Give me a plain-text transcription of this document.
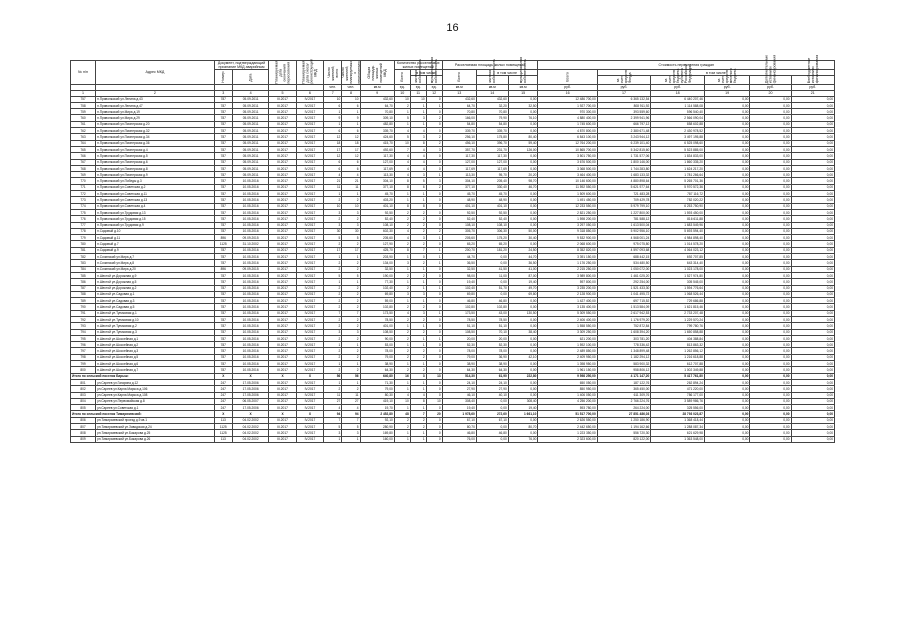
16
№ п/п	Адрес МКД	Документ, подтверждающий признание МКД аварийным		Планируемая дата окончания переселения	Планируемая дата сноса/реконструкции МКД	Число жителей, всего	Число жителей, планируемых к переселению	Общая площадь жилых помещений МКД	Количество расселяемых жилых помещений			Расселяемая площадь жилых помещений			Стоимость переселения граждан					
		Номер	Дата						Всего	в том числе		Всего	в том числе		Всего	в том числе				
										частная собственность	муниципальная собственность		частная собственность	муниципальная собственность		за счет средств Фонда	за счет средств бюджета субъекта Российской Федерации	за счет средств местного бюджета	Дополнительные источники финансирования	Внебюджетные источники финансирования
						чел.	чел.	кв.м	ед.	ед.	ед.	кв.м	кв.м	кв.м	руб.	руб.	руб.	руб.	руб.	руб.
1	2	3	4	5	6	7	8	9	10	11	12	13	14	15	16	17	18	19	20	21
757	п.Приволжский ул.Ленина д.43	787	05.09.2011	III.2017	IV.2017	10	10	432,60	10	10	0	432,60	432,60	0,00	12 486 700,00	6 365 132,54	6 440 207,46	0,00	0,00	0,00
758	п.Приволжский ул.Ленина д.47	787	05.09.2011	III.2017	IV.2017	6	6	64,70	2	1	1	64,70	32,20	32,50	1 927 700,00	808 911,92	1 114 588,08	0,00	0,00	0,00
759	п.Приволжский ул.Мира д.19	787	05.09.2011	III.2017	IV.2017	1	1	70,80	1	1	0	70,80	70,80	0,00	970 300,00	393 559,60	596 540,40	0,00	0,00	0,00
760	п.Приволжский ул.Мира д.29	787	05.09.2011	III.2017	IV.2017	9	9	309,10	5	3	2	166,00	79,90	76,10	4 880 400,00	2 399 941,96	2 566 090,04	0,00	0,00	0,00
761	п.Приволжский ул.Пионерская д.20	787	05.09.2011	III.2017	IV.2017	1	1	482,80	1	1	0	54,80	54,80	0,00	1 745 600,00	666 797,12	858 602,88	0,00	0,00	0,00
762	п.Приволжский ул.Пионерская д.32	787	05.09.2011	III.2017	IV.2017	6	6	339,70	4	4	0	339,70	339,70	0,00	4 870 800,00	2 380 671,48	2 430 978,52	0,00	0,00	0,00
763	п.Приволжский ул.Пионерская д.34	787	05.09.2011	III.2017	IV.2017	12	12	424,60	5	3	2	256,10	175,80	80,40	6 843 100,00	3 243 944,12	3 497 195,88	0,00	0,00	0,00
764	п.Приволжский ул.Пионерская д.36	787	05.09.2011	III.2017	IV.2017	18	18	415,70	10	8	2	456,10	396,70	59,40	12 764 200,00	6 239 101,40	6 525 098,60	0,00	0,00	0,00
765	п.Приволжский ул.Пионерская д.4	787	05.09.2011	III.2017	IV.2017	17	17	492,60	7	4	3	357,70	231,70	126,00	10 865 700,00	5 342 815,60	5 523 885,00	0,00	0,00	0,00
766	п.Приволжский ул.Пионерская д.5	787	05.09.2011	III.2017	IV.2017	12	12	117,30	4	4	0	117,30	117,30	0,00	3 501 750,00	1 731 577,06	1 834 833,00	0,00	0,00	0,00
767	п.Приволжский ул.Пионерская д.6	787	05.09.2011	III.2017	IV.2017	6	6	127,00	4	4	0	127,00	127,00	0,00	3 676 500,00	1 800 146,00	1 860 335,20	0,00	0,00	0,00
768	п.Приволжский ул.Пионерская д.8	787	05.09.2011	III.2017	IV.2017	6	6	117,69	4	4	0	117,69	117,69	0,00	3 368 500,00	1 744 283,80	1 624 217,20	0,00	0,00	0,00
769	п.Приволжский ул.Пионерская д.9	787	05.09.2011	III.2017	IV.2017	4	4	113,30	4	3	1	113,30	95,70	20,20	3 464 400,00	1 683 133,32	1 781 266,64	0,00	0,00	0,00
770	п.Приволжский ул.Победы д.3	787	10.05.2016	III.2017	IV.2017	21	21	304,10	8	5	3	304,10	205,40	98,70	10 146 600,00	4 880 898,64	5 265 701,36	0,00	0,00	0,00
771	п.Приволжский ул.Советская д.2	787	10.05.2016	III.2017	IV.2017	11	11	377,10	8	6	2	377,10	330,40	46,70	11 592 550,00	5 621 977,64	5 970 572,36	0,00	0,00	0,00
772	п.Приволжский ул.Советская д.11	787	10.05.2016	III.2017	IV.2017	1	1	45,70	1	1	0	45,70	45,70	0,00	1 509 600,00	721 483,28	787 116,72	0,00	0,00	0,00
773	п.Приволжский ул.Советская д.13	787	10.05.2016	III.2017	IV.2017	2	2	403,20	1	1	0	48,90	48,90	0,00	1 491 450,00	709 429,78	782 020,22	0,00	0,00	0,00
774	п.Приволжский ул.Советская д.4	787	10.05.2016	III.2017	IV.2017	10	10	401,10	8	8	0	401,10	401,10	0,00	12 233 550,00	5 979 799,10	6 253 750,90	0,00	0,00	0,00
775	п.Приволжский ул.Трудовая д.13	787	10.05.2016	III.2017	IV.2017	3	3	92,50	2	2	0	92,50	92,50	0,00	2 821 250,00	1 227 800,00	1 593 450,00	0,00	0,00	0,00
776	п.Приволжский ул.Трудовая д.15	787	10.05.2016	III.2017	IV.2017	2	2	52,40	2	2	0	52,40	52,40	0,00	1 598 200,00	781 588,12	816 611,88	0,00	0,00	0,00
777	п.Приволжский ул.Трудовая д.9	787	10.05.2016	III.2017	IV.2017	3	3	108,10	2	2	0	108,10	108,10	0,00	3 297 050,00	1 613 500,04	1 683 549,96	0,00	0,00	0,00
778	п.Садовый д.10	787	10.05.2016	III.2017	IV.2017	30	30	602,30	4	2	2	305,70	306,30	50,00	9 318 850,00	5 902 956,10	5 693 594,40	0,00	0,00	0,00
779	п.Садовый д.11	896	09.09.2015	III.2017	IV.2017	5	5	205,60	4	3	1	205,60	175,20	30,40	9 532 900,00	4 568 001,24	4 984 898,40	0,00	0,00	0,00
780	п.Садовый д.7	1125	31.10.2002	III.2017	IV.2017	2	2	127,90	2	2	0	65,20	65,20	0,00	2 068 600,00	975 075,80	1 014 578,20	0,00	0,00	0,00
781	п.Садовый д.9	787	10.05.2016	III.2017	IV.2017	17	17	425,70	8	7	1	200,70	181,20	24,50	8 352 820,00	4 597 093,68	4 064 023,12	0,00	0,00	0,00
782	п.Сочинский ул.Мира д.7	787	10.05.2016	III.2017	IV.2017	1	1	203,90	1	0	1	44,70	0,00	44,70	3 391 150,00	688 442,15	692 707,85	0,00	0,00	0,00
783	п.Сочинский ул.Мира д.8	787	10.05.2016	III.2017	IV.2017	2	2	134,00	3	2	1	36,50	0,00	36,50	1 176 250,00	534 480,50	643 314,40	0,00	0,00	0,00
784	п.Сочинский ул.Мира д.20	896	09.09.2015	III.2017	IV.2017	2	2	32,50	1	1	0	32,50	41,50	41,00	2 215 250,00	1 050 072,00	1 023 178,00	0,00	0,00	0,00
785	п.Шестой ул.Дорожная д.9	787	10.05.2016	III.2017	IV.2017	5	5	190,00	2	2	0	98,00	11,00	87,00	3 989 800,00	1 461 025,20	1 527 974,80	0,00	0,00	0,00
786	п.Шестой ул.Дорожная д.5	787	10.05.2016	III.2017	IV.2017	1	1	77,30	1	1	0	19,40	0,00	19,40	597 800,00	292 254,00	305 545,00	0,00	0,00	0,00
787	п.Шестой ул.Дорожная д.2	787	10.05.2016	III.2017	IV.2017	2	2	102,40	2	1	1	102,40	51,70	49,70	3 235 200,00	1 521 433,30	1 594 776,64	0,00	0,00	0,00
788	п.Шестой ул.Садовая д.1	787	10.05.2016	III.2017	IV.2017	2	2	69,80	3	3	0	69,80	0,00	69,80	2 128 900,00	1 041 495,72	1 068 526,44	0,00	0,00	0,00
789	п.Шестой ул.Садовая д.3	787	10.05.2016	III.2017	IV.2017	2	2	59,00	1	1	0	46,80	46,80	0,00	1 427 400,00	697 715,52	729 686,88	0,00	0,00	0,00
790	п.Шестой ул.Садовая д.5	787	10.05.2016	III.2017	IV.2017	2	2	102,80	2	2	0	102,80	102,80	0,00	3 135 400,00	1 513 584,09	1 621 815,46	0,00	0,00	0,00
791	п.Шестой ул.Тупиковая д.1	787	10.05.2016	III.2017	IV.2017	7	7	173,50	4	3	1	173,50	43,00	130,50	5 309 550,00	2 617 942,53	2 733 207,48	0,00	0,00	0,00
792	п.Шестой ул.Тупиковая д.10	787	10.05.2016	III.2017	IV.2017	2	2	78,50	2	2	0	78,50	78,50	0,00	2 406 400,00	1 176 979,20	1 229 570,24	0,00	0,00	0,00
793	п.Шестой ул.Тупиковая д.2	787	10.05.2016	III.2017	IV.2017	2	2	401,00	1	1	0	51,10	51,10	0,00	1 558 550,00	752 872,84	799 780,76	0,00	0,00	0,00
794	п.Шестой ул.Тупиковая д.3	787	10.05.2016	III.2017	IV.2017	3	3	108,50	2	2	0	108,50	70,10	38,40	3 309 250,00	1 608 394,20	1 650 858,88	0,00	0,00	0,00
795	п.Шестой ул.Шоссейная д.1	787	10.05.2016	III.2017	IV.2017	2	2	90,00	2	1	1	20,00	20,00	0,00	621 200,00	303 781,20	404 388,84	0,00	0,00	0,00
796	п.Шестой ул.Шоссейная д.2	787	10.05.2016	III.2017	IV.2017	1	1	53,00	1	1	0	52,30	52,30	0,00	1 592 100,00	778 336,42	813 863,32	0,00	0,00	0,00
797	п.Шестой ул.Шоссейная д.3	787	10.05.2016	III.2017	IV.2017	2	2	78,00	2	2	0	78,00	78,00	0,00	2 489 850,00	1 348 899,48	1 262 856,12	0,00	0,00	0,00
798	п.Шестой ул.Шоссейная д.5	787	10.05.2016	III.2017	IV.2017	2	2	79,00	2	2	0	79,00	36,90	42,10	2 409 950,00	1 182 294,12	1 216 618,88	0,00	0,00	0,00
799	п.Шестой ул.Шоссейная д.6	787	10.05.2016	III.2017	IV.2017	1	1	38,90	1	1	0	38,90	38,90	0,00	1 398 950,00	583 900,32	612 707,88	0,00	0,00	0,00
800	п.Шестой ул.Шоссейная д.7	787	10.05.2016	III.2017	IV.2017	2	2	64,30	2	2	0	64,30	64,30	0,00	1 961 150,00	958 806,12	1 002 349,88	0,00	0,00	0,00
Итого по сельский поселок Барыш:		X	X	X	X	56	56	640,80	16	3	13	514,30	61,90	222,80	9 598 250,00	4 171 147,20	5 417 761,80	0,00	0,00	0,00
801	ул.Сареев ул.Гагарина д.12	247	17.05.2006	III.2017	IV.2017	1	1	71,30	1	1	0	24,10	24,10	0,00	650 050,00	187 122,76	262 894,24	0,00	0,00	0,00
802	ул.Сареев ул.Карла Маркса д.106	247	17.05.2006	III.2017	IV.2017	2	2	79,00	1	1	0	27,90	27,90	0,00	850 950,00	365 450,00	471 220,00	0,00	0,00	0,00
803	ул.Сареев ул.Карла Маркса д.108	247	17.05.2006	III.2017	IV.2017	11	11	80,30	4	4	0	46,10	40,10	0,00	1 406 050,00	611 309,76	786 177,00	0,00	0,00	0,00
804	ул.Сареев ул.Первомайская д.8	247	06.05.2007	III.2017	IV.2017	27	27	419,10	10	8	10	308,40	0,00	308,40	4 256 200,00	2 766 224,76	3 589 986,76	0,00	0,00	0,00
805	ул.Сареев ул.Советская д.1	247	17.05.2006	III.2017	IV.2017	4	4	19,70	1	1	0	19,40	0,00	19,40	593 780,00	264 224,00	325 556,00	0,00	0,00	0,00
Итого по сельский поселок Тимирязевский:		X	X	X	X	94	94	2 452,80	48	7	20	1 978,60	272,60	1 661,10	51 517 700,00	27 851 486,03	28 793 023,87	0,00	0,00	0,00
806	рп.Тимирязевский проезд д.9 кв.1	113	04.02.2002	III.2017	IV.2017	7	7	92,10	2	2	0	67,10	67,10	0,00	2 626 550,00	1 250 186,90	1 368 418,44	0,00	0,00	0,00
807	рп.Тимирязевский ул.Заводская д.24	1125	04.02.2002	III.2017	IV.2017	5	5	280,90	2	2	0	80,70	0,00	80,70	2 442 650,00	1 194 162,66	1 288 087,34	0,00	0,00	0,00
808	рп.Тимирязевский ул.Бакарова д.25	1125	04.02.2002	III.2017	IV.2017	3	3	169,80	1	1	0	46,80	46,80	0,00	1 223 350,00	556 720,30	621 629,98	0,00	0,00	0,00
809	рп.Тимирязевский ул.Бакарова д.26	113	04.02.2002	III.2017	IV.2017	1	1	160,00	1	1	0	76,00	0,00	76,00	2 323 600,00	820 122,00	1 363 548,00	0,00	0,00	0,00
